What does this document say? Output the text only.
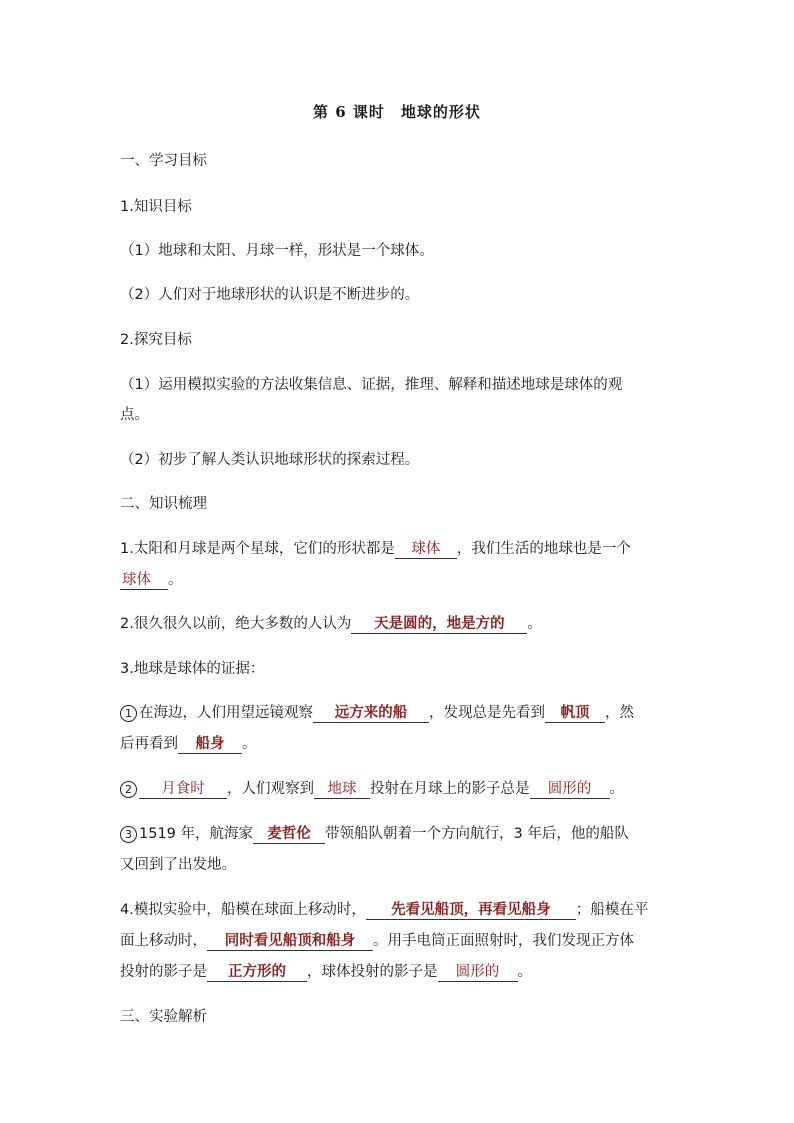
第 6 课时　地球的形状
一、学习目标
1.知识目标
（1）地球和太阳、月球一样，形状是一个球体。
（2）人们对于地球形状的认识是不断进步的。
2.探究目标
（1）运用模拟实验的方法收集信息、证据，推理、解释和描述地球是球体的观
点。
（2）初步了解人类认识地球形状的探索过程。
二、知识梳理
1.太阳和月球是两个星球，它们的形状都是 球体 ，我们生活的地球也是一个
球体 。
2.很久很久以前，绝大多数的人认为 天是圆的，地是方的 。
3.地球是球体的证据：
1 在海边，人们用望远镜观察 远方来的船 ，发现总是先看到 帆顶 ，然
后再看到 船身 。
2 月食时 ，人们观察到 地球 投射在月球上的影子总是 圆形的 。
3 1519 年，航海家 麦哲伦 带领船队朝着一个方向航行，3 年后，他的船队
又回到了出发地。
4.模拟实验中，船模在球面上移动时， 先看见船顶，再看见船身 ；船模在平
面上移动时， 同时看见船顶和船身 。用手电筒正面照射时，我们发现正方体
投射的影子是 正方形的 ，球体投射的影子是 圆形的 。
三、实验解析
